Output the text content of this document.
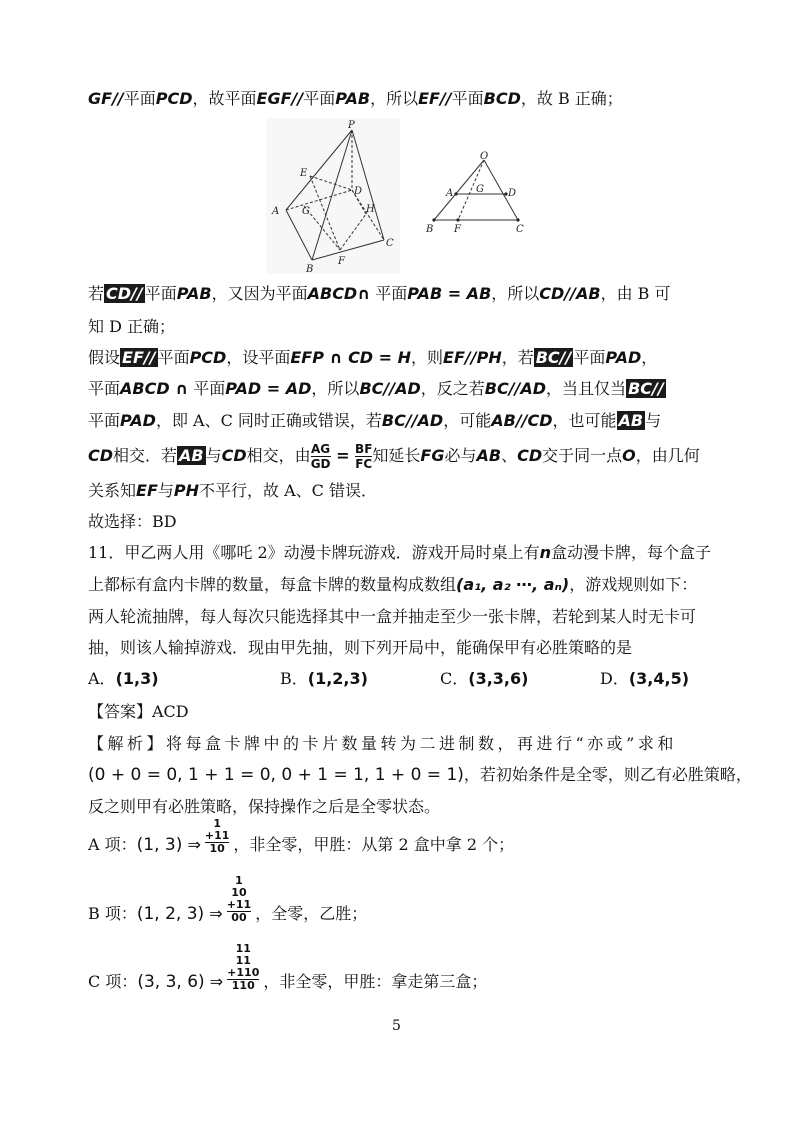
GF//平面PCD，故平面EGF//平面PAB，所以EF//平面BCD，故 B 正确；
P
E
D
A G	H
C
B
F
O
A G D
B F	C
若 CD// 平面PAB，又因为平面ABCD∩ 平面PAB = AB，所以CD//AB，由 B 可
知 D 正确；
假设 EF// 平面PCD，设平面EFP ∩ CD = H，则EF//PH，若 BC// 平面PAD，
平面ABCD ∩ 平面PAD = AD，所以BC//AD，反之若BC//AD，当且仅当 BC//
平面PAD，即 A、C 同时正确或错误，若BC//AD，可能AB//CD，也可能 AB 与
CD相交．若 AB 与CD相交，由 $\frac{AG}{GD} = \frac{BF}{FC}$ 知延长FG必与AB、CD交于同一点O，由几何
关系知EF与PH不平行，故 A、C 错误．
故选择：BD
11．甲乙两人用《哪吒 2》动漫卡牌玩游戏．游戏开局时桌上有n盒动漫卡牌，每个盒子
上都标有盒内卡牌的数量，每盒卡牌的数量构成数组(a₁, a₂ ⋯, aₙ)，游戏规则如下：
两人轮流抽牌，每人每次只能选择其中一盒并抽走至少一张卡牌，若轮到某人时无卡可
抽，则该人输掉游戏．现由甲先抽，则下列开局中，能确保甲有必胜策略的是
A．(1,3)	B．(1,2,3)	C．(3,3,6)	D．(3,4,5)
【答案】ACD
【解析】将每盒卡牌中的卡片数量转为二进制数，再进行“亦或”求和
(0 + 0 = 0, 1 + 1 = 0, 0 + 1 = 1, 1 + 0 = 1)，若初始条件是全零，则乙有必胜策略，
反之则甲有必胜策略，保持操作之后是全零状态。
A 项：(1, 3) ⇒
1
+11
10 ，非全零，甲胜：从第 2 盒中拿 2 个；
B 项：(1, 2, 3) ⇒
1
10
+11
00 ，全零，乙胜；
C 项：(3, 3, 6) ⇒
11
11
+110
110 ，非全零，甲胜：拿走第三盒；
5
